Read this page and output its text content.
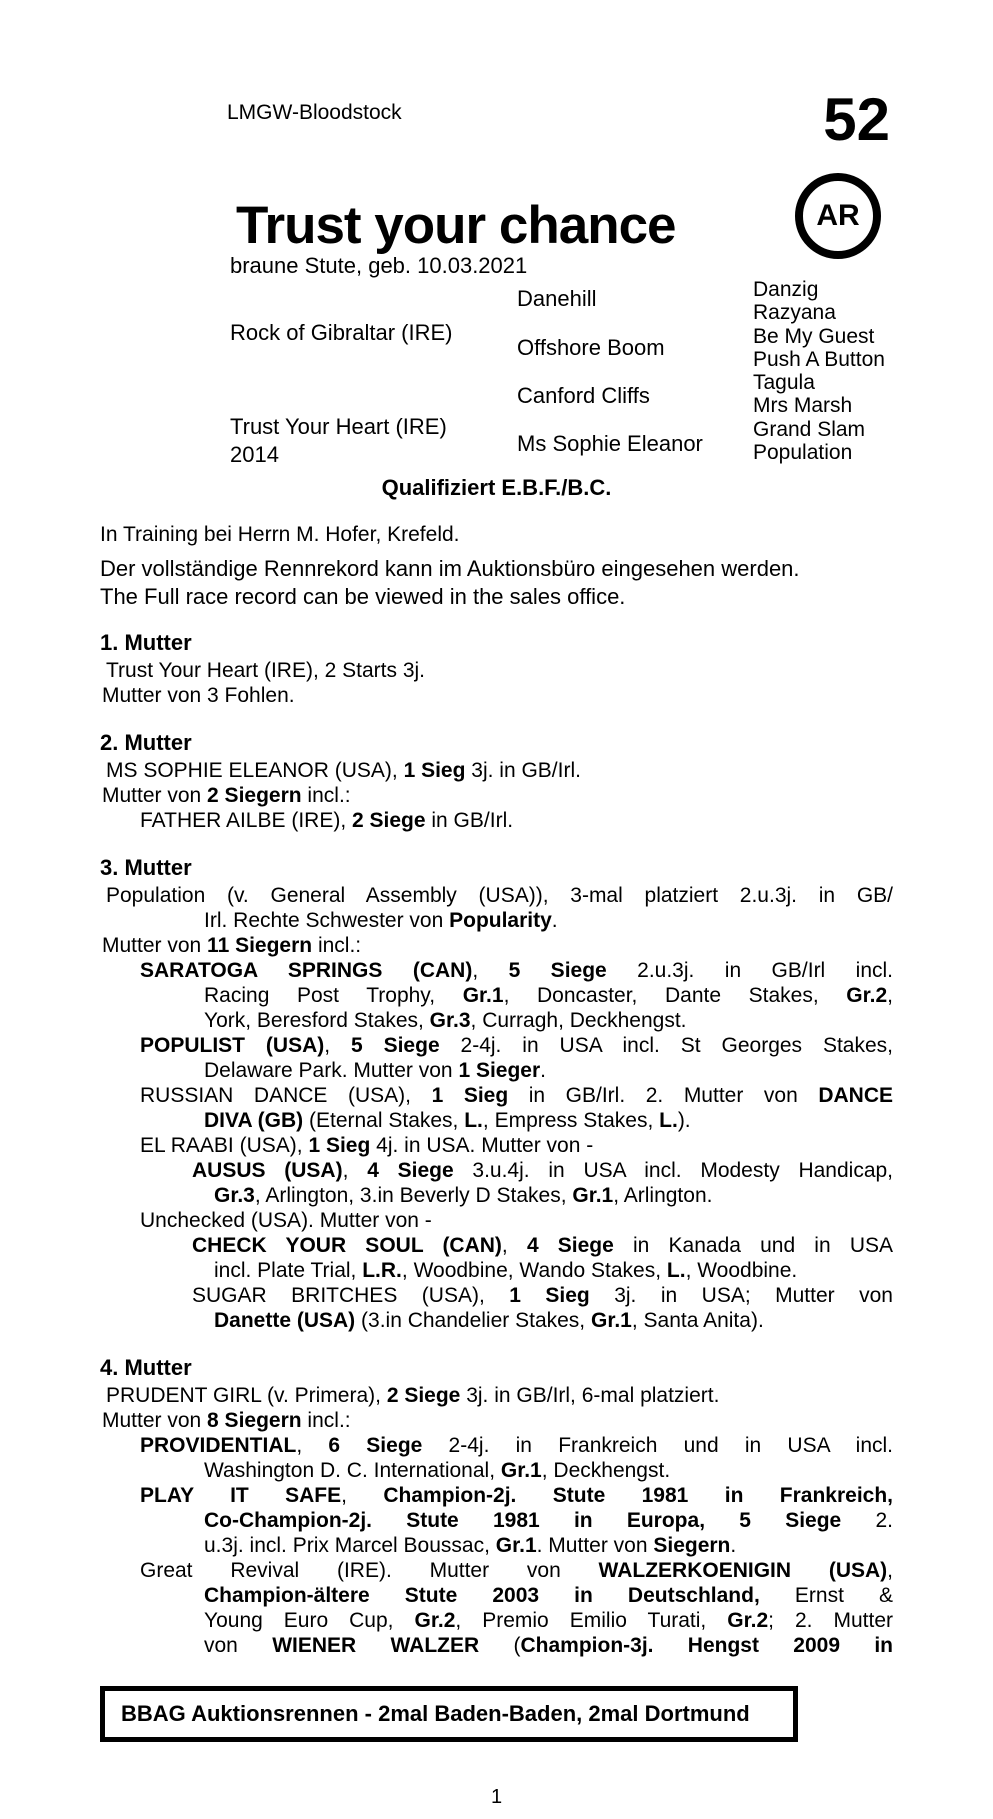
LMGW-Bloodstock	52
Trust your chance
braune Stute, geb. 10.03.2021
AR
Rock of Gibraltar (IRE)
Trust Your Heart (IRE)
2014
Danehill
Offshore Boom
Canford Cliffs
Ms Sophie Eleanor
Danzig
Razyana
Be My Guest
Push A Button
Tagula
Mrs Marsh
Grand Slam
Population
Qualifiziert E.B.F./B.C.
In Training bei Herrn M. Hofer, Krefeld.
Der vollständige Rennrekord kann im Auktionsbüro eingesehen werden.
The Full race record can be viewed in the sales office.
1. Mutter
Trust Your Heart (IRE), 2 Starts 3j.
Mutter von 3 Fohlen.
2. Mutter
MS SOPHIE ELEANOR (USA), 1 Sieg 3j. in GB/Irl.
Mutter von 2 Siegern incl.:
FATHER AILBE (IRE), 2 Siege in GB/Irl.
3. Mutter
Population (v. General Assembly (USA)), 3-mal platziert 2.u.3j. in GB/
Irl. Rechte Schwester von Popularity.
Mutter von 11 Siegern incl.:
SARATOGA SPRINGS (CAN), 5 Siege 2.u.3j. in GB/Irl incl.
Racing Post Trophy, Gr.1, Doncaster, Dante Stakes, Gr.2,
York, Beresford Stakes, Gr.3, Curragh, Deckhengst.
POPULIST (USA), 5 Siege 2-4j. in USA incl. St Georges Stakes,
Delaware Park. Mutter von 1 Sieger.
RUSSIAN DANCE (USA), 1 Sieg in GB/Irl. 2. Mutter von DANCE
DIVA (GB) (Eternal Stakes, L., Empress Stakes, L.).
EL RAABI (USA), 1 Sieg 4j. in USA. Mutter von -
AUSUS (USA), 4 Siege 3.u.4j. in USA incl. Modesty Handicap,
Gr.3, Arlington, 3.in Beverly D Stakes, Gr.1, Arlington.
Unchecked (USA). Mutter von -
CHECK YOUR SOUL (CAN), 4 Siege in Kanada und in USA
incl. Plate Trial, L.R., Woodbine, Wando Stakes, L., Woodbine.
SUGAR BRITCHES (USA), 1 Sieg 3j. in USA; Mutter von
Danette (USA) (3.in Chandelier Stakes, Gr.1, Santa Anita).
4. Mutter
PRUDENT GIRL (v. Primera), 2 Siege 3j. in GB/Irl, 6-mal platziert.
Mutter von 8 Siegern incl.:
PROVIDENTIAL, 6 Siege 2-4j. in Frankreich und in USA incl.
Washington D. C. International, Gr.1, Deckhengst.
PLAY IT SAFE, Champion-2j. Stute 1981 in Frankreich,
Co-Champion-2j. Stute 1981 in Europa, 5 Siege 2.
u.3j. incl. Prix Marcel Boussac, Gr.1. Mutter von Siegern.
Great Revival (IRE). Mutter von WALZERKOENIGIN (USA),
Champion-ältere Stute 2003 in Deutschland, Ernst &
Young Euro Cup, Gr.2, Premio Emilio Turati, Gr.2; 2. Mutter
von WIENER WALZER (Champion-3j. Hengst 2009 in
BBAG Auktionsrennen - 2mal Baden-Baden, 2mal Dortmund
1
